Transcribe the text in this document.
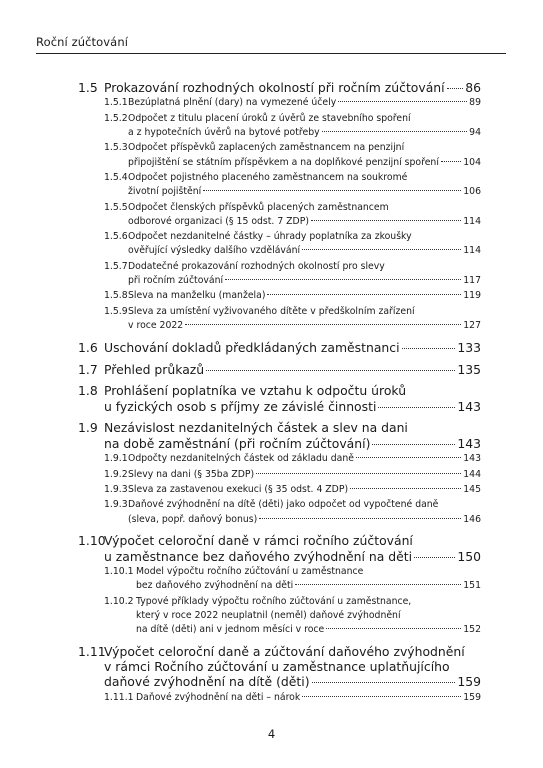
Roční zúčtování
1.5 Prokazování rozhodných okolností při ročním zúčtování 86
1.5.1 Bezúplatná plnění (dary) na vymezené účely	89
1.5.2 Odpočet z titulu placení úroků z úvěrů ze stavebního spoření
a z hypotečních úvěrů na bytové potřeby	94
1.5.3 Odpočet příspěvků zaplacených zaměstnancem na penzijní
připojištění se státním příspěvkem a na doplňkové penzijní spoření	104
1.5.4 Odpočet pojistného placeného zaměstnancem na soukromé
životní pojištění	106
1.5.5 Odpočet členských příspěvků placených zaměstnancem
odborové organizaci (§ 15 odst. 7 ZDP)	114
1.5.6 Odpočet nezdanitelné částky – úhrady poplatníka za zkoušky
ověřující výsledky dalšího vzdělávání	114
1.5.7 Dodatečné prokazování rozhodných okolností pro slevy
při ročním zúčtování	117
1.5.8 Sleva na manželku (manžela)	119
1.5.9 Sleva za umístění vyživovaného dítěte v předškolním zařízení
v roce 2022	127
1.6 Uschování dokladů předkládaných zaměstnanci	133
1.7 Přehled průkazů	135
1.8 Prohlášení poplatníka ve vztahu k odpočtu úroků
u fyzických osob s příjmy ze závislé činnosti	143
1.9 Nezávislost nezdanitelných částek a slev na dani
na době zaměstnání (při ročním zúčtování)	143
1.9.1 Odpočty nezdanitelných částek od základu daně	143
1.9.2 Slevy na dani (§ 35ba ZDP)	144
1.9.3 Sleva za zastavenou exekuci (§ 35 odst. 4 ZDP)	145
1.9.3 Daňové zvýhodnění na dítě (děti) jako odpočet od vypočtené daně
(sleva, popř. daňový bonus)	146
1.10
Výpočet celoroční daně v rámci ročního zúčtování
u zaměstnance bez daňového zvýhodnění na děti	150
1.10.1 Model výpočtu ročního zúčtování u zaměstnance
bez daňového zvýhodnění na děti	151
1.10.2 Typové příklady výpočtu ročního zúčtování u zaměstnance,
který v roce 2022 neuplatnil (neměl) daňové zvýhodnění
na dítě (děti) ani v jednom měsíci v roce	152
1.11
Výpočet celoroční daně a zúčtování daňového zvýhodnění
v rámci Ročního zúčtování u zaměstnance uplatňujícího
daňové zvýhodnění na dítě (děti)	159
1.11.1 Daňové zvýhodnění na děti – nárok	159
4
